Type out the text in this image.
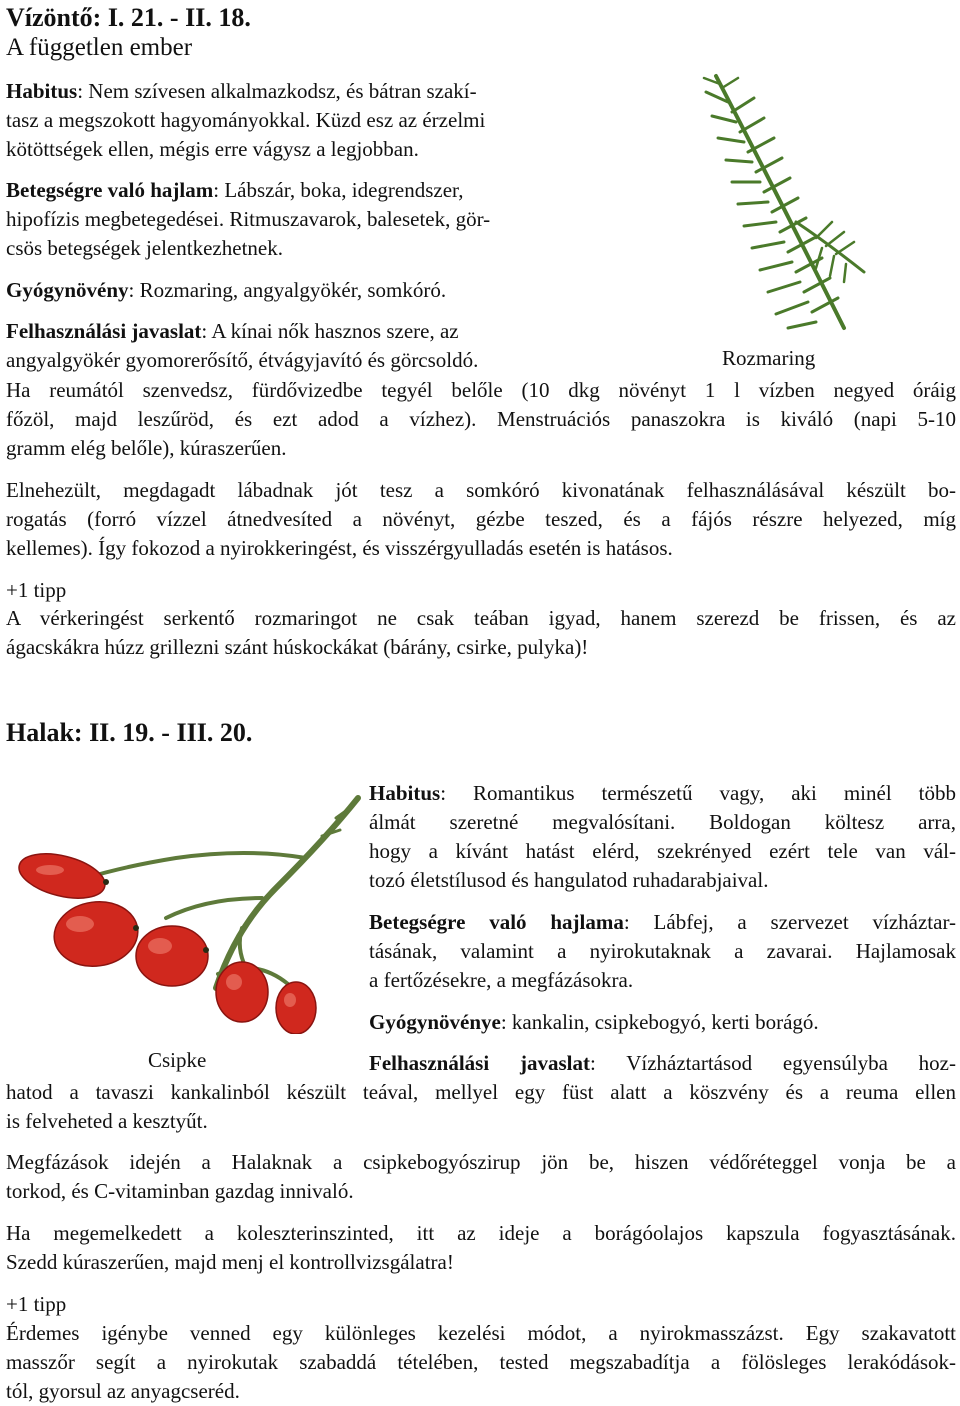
Vízöntő: I. 21. - II. 18.
A független ember
Habitus: Nem szívesen alkalmazkodsz, és bátran szakí-
tasz a megszokott hagyományokkal. Küzd esz az érzelmi
kötöttségek ellen, mégis erre vágysz a legjobban.
Betegségre való hajlam: Lábszár, boka, idegrendszer,
hipofízis megbetegedései. Ritmuszavarok, balesetek, gör-
csös betegségek jelentkezhetnek.
Gyógynövény: Rozmaring, angyalgyökér, somkóró.
Felhasználási javaslat: A kínai nők hasznos szere, az
angyalgyökér gyomorerősítő, étvágyjavító és görcsoldó.	Rozmaring
Ha reumától szenvedsz, fürdővizedbe tegyél belőle (10 dkg növényt 1 l vízben negyed óráig
főzöl, majd leszűröd, és ezt adod a vízhez). Menstruációs panaszokra is kiváló (napi 5-10
gramm elég belőle), kúraszerűen.
Elnehezült, megdagadt lábadnak jót tesz a somkóró kivonatának felhasználásával készült bo-
rogatás (forró vízzel átnedvesíted a növényt, gézbe teszed, és a fájós részre helyezed, míg
kellemes). Így fokozod a nyirokkeringést, és visszérgyulladás esetén is hatásos.
+1 tipp
A vérkeringést serkentő rozmaringot ne csak teában igyad, hanem szerezd be frissen, és az
ágacskákra húzz grillezni szánt húskockákat (bárány, csirke, pulyka)!
Halak: II. 19. - III. 20.
Habitus: Romantikus természetű vagy, aki minél több
álmát szeretné megvalósítani. Boldogan költesz arra,
hogy a kívánt hatást elérd, szekrényed ezért tele van vál-
tozó életstílusod és hangulatod ruhadarabjaival.
Betegségre való hajlama: Lábfej, a szervezet vízháztar-
tásának, valamint a nyirokutaknak a zavarai. Hajlamosak
a fertőzésekre, a megfázásokra.
Gyógynövénye: kankalin, csipkebogyó, kerti borágó.
Csipke	Felhasználási javaslat: Vízháztartásod egyensúlyba hoz-
hatod a tavaszi kankalinból készült teával, mellyel egy füst alatt a köszvény és a reuma ellen
is felveheted a kesztyűt.
Megfázások idején a Halaknak a csipkebogyószirup jön be, hiszen védőréteggel vonja be a
torkod, és C-vitaminban gazdag innivaló.
Ha megemelkedett a koleszterinszinted, itt az ideje a borágóolajos kapszula fogyasztásának.
Szedd kúraszerűen, majd menj el kontrollvizsgálatra!
+1 tipp
Érdemes igénybe venned egy különleges kezelési módot, a nyirokmasszázst. Egy szakavatott
masszőr segít a nyirokutak szabaddá tételében, tested megszabadítja a fölösleges lerakódások-
tól, gyorsul az anyagcseréd.
